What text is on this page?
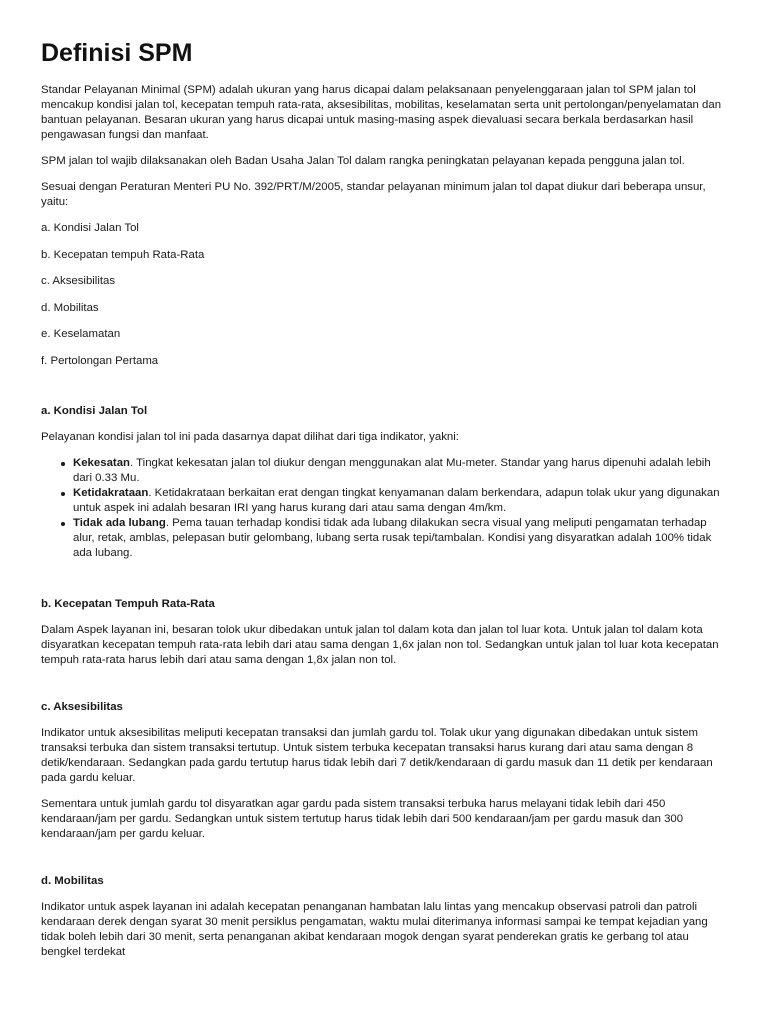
Definisi SPM

Standar Pelayanan Minimal (SPM) adalah ukuran yang harus dicapai dalam pelaksanaan penyelenggaraan jalan tol SPM jalan tol mencakup kondisi jalan tol, kecepatan tempuh rata-rata, aksesibilitas, mobilitas, keselamatan serta unit pertolongan/penyelamatan dan bantuan pelayanan. Besaran ukuran yang harus dicapai untuk masing-masing aspek dievaluasi secara berkala berdasarkan hasil pengawasan fungsi dan manfaat.

SPM jalan tol wajib dilaksanakan oleh Badan Usaha Jalan Tol dalam rangka peningkatan pelayanan kepada pengguna jalan tol.

Sesuai dengan Peraturan Menteri PU No. 392/PRT/M/2005, standar pelayanan minimum jalan tol dapat diukur dari beberapa unsur, yaitu:

a. Kondisi Jalan Tol

b. Kecepatan tempuh Rata-Rata

c. Aksesibilitas

d. Mobilitas

e. Keselamatan

f. Pertolongan Pertama

a. Kondisi Jalan Tol

Pelayanan kondisi jalan tol ini pada dasarnya dapat dilihat dari tiga indikator, yakni:

Kekesatan. Tingkat kekesatan jalan tol diukur dengan menggunakan alat Mu-meter. Standar yang harus dipenuhi adalah lebih dari 0.33 Mu.
Ketidakrataan. Ketidakrataan berkaitan erat dengan tingkat kenyamanan dalam berkendara, adapun tolak ukur yang digunakan untuk aspek ini adalah besaran IRI yang harus kurang dari atau sama dengan 4m/km.
Tidak ada lubang. Pema tauan terhadap kondisi tidak ada lubang dilakukan secra visual yang meliputi pengamatan terhadap alur, retak, amblas, pelepasan butir gelombang, lubang serta rusak tepi/tambalan. Kondisi yang disyaratkan adalah 100% tidak ada lubang.
b. Kecepatan Tempuh Rata-Rata

Dalam Aspek layanan ini, besaran tolok ukur dibedakan untuk jalan tol dalam kota dan jalan tol luar kota. Untuk jalan tol dalam kota disyaratkan kecepatan tempuh rata-rata lebih dari atau sama dengan 1,6x jalan non tol. Sedangkan untuk jalan tol luar kota kecepatan tempuh rata-rata harus lebih dari atau sama dengan 1,8x jalan non tol.

c. Aksesibilitas

Indikator untuk aksesibilitas meliputi kecepatan transaksi dan jumlah gardu tol. Tolak ukur yang digunakan dibedakan untuk sistem transaksi terbuka dan sistem transaksi tertutup. Untuk sistem terbuka kecepatan transaksi harus kurang dari atau sama dengan 8 detik/kendaraan. Sedangkan pada gardu tertutup harus tidak lebih dari 7 detik/kendaraan di gardu masuk dan 11 detik per kendaraan pada gardu keluar.

Sementara untuk jumlah gardu tol disyaratkan agar gardu pada sistem transaksi terbuka harus melayani tidak lebih dari 450 kendaraan/jam per gardu. Sedangkan untuk sistem tertutup harus tidak lebih dari 500 kendaraan/jam per gardu masuk dan 300 kendaraan/jam per gardu keluar.

d. Mobilitas

Indikator untuk aspek layanan ini adalah kecepatan penanganan hambatan lalu lintas yang mencakup observasi patroli dan patroli kendaraan derek dengan syarat 30 menit persiklus pengamatan, waktu mulai diterimanya informasi sampai ke tempat kejadian yang tidak boleh lebih dari 30 menit, serta penanganan akibat kendaraan mogok dengan syarat penderekan gratis ke gerbang tol atau bengkel terdekat
